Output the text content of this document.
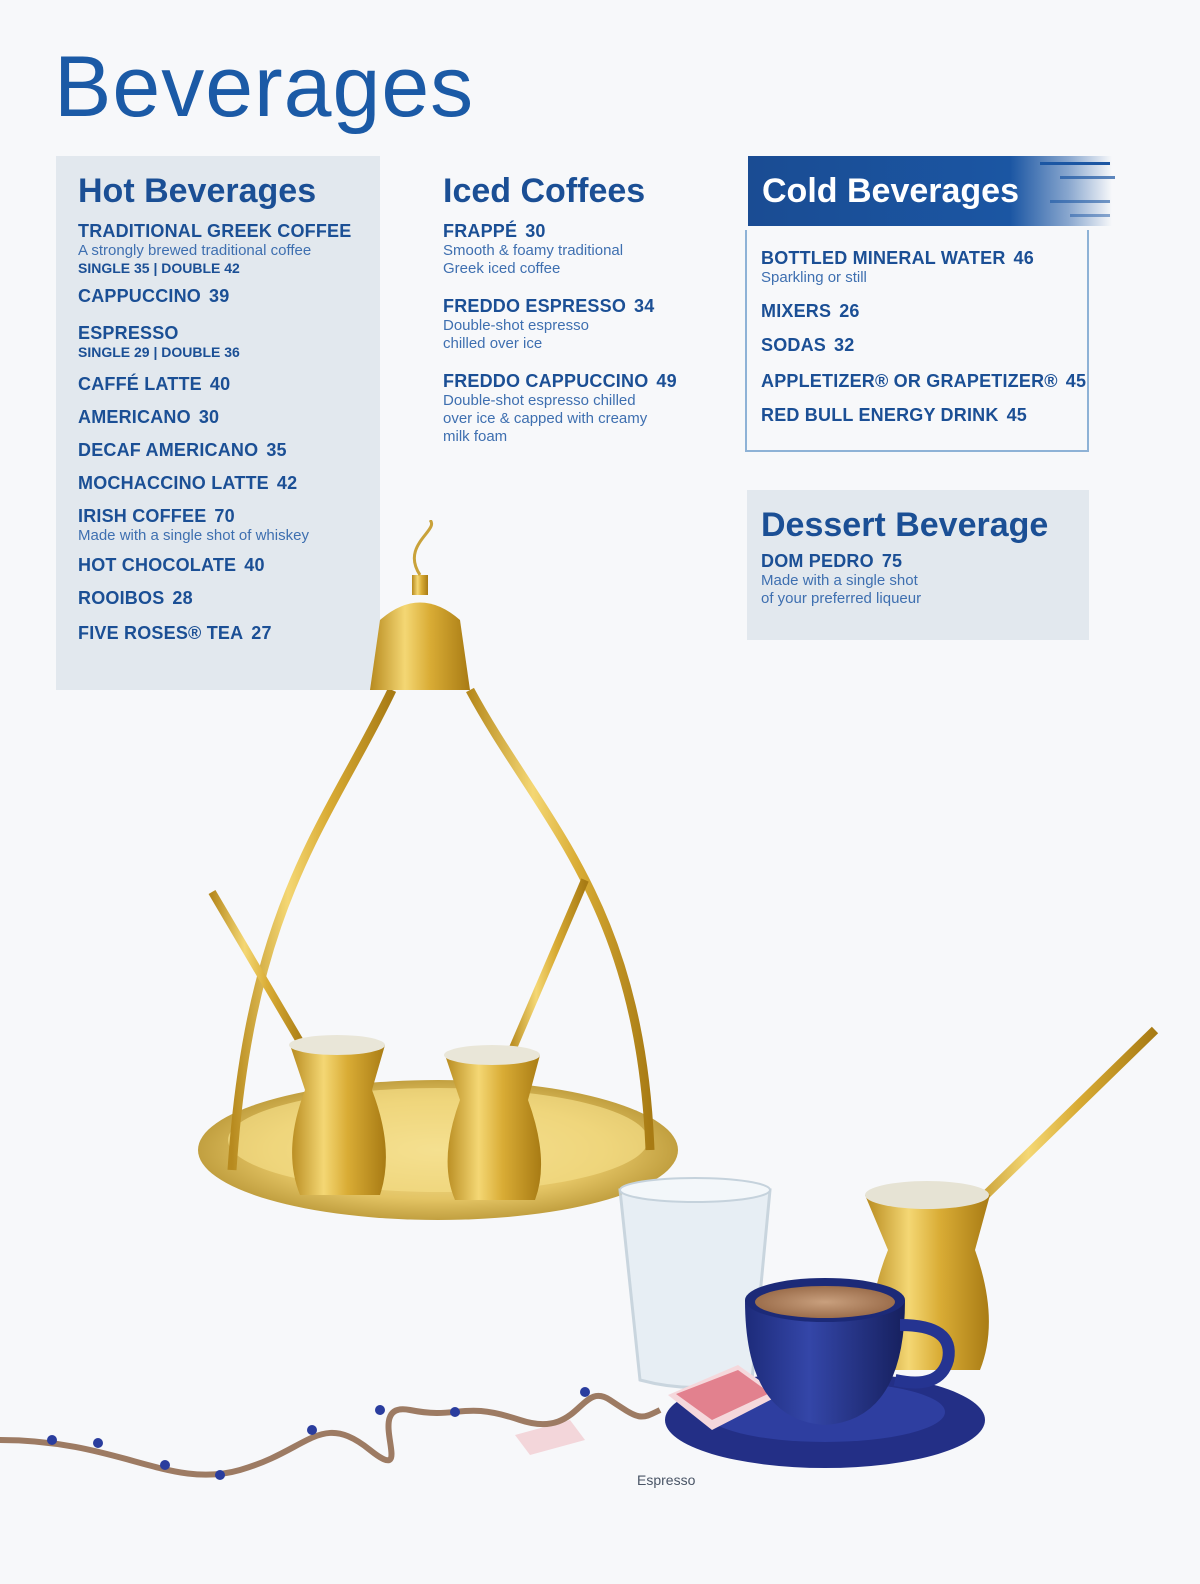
Beverages
Hot Beverages
TRADITIONAL GREEK COFFEE
A strongly brewed traditional coffee
SINGLE 35 | DOUBLE 42
CAPPUCCINO 39
ESPRESSO
SINGLE 29 | DOUBLE 36
CAFFÉ LATTE 40
AMERICANO 30
DECAF AMERICANO 35
MOCHACCINO LATTE 42
IRISH COFFEE 70
Made with a single shot of whiskey
HOT CHOCOLATE 40
ROOIBOS 28
FIVE ROSES® TEA 27
Iced Coffees
FRAPPÉ 30
Smooth & foamy traditional
Greek iced coffee
FREDDO ESPRESSO 34
Double-shot espresso
chilled over ice
FREDDO CAPPUCCINO 49
Double-shot espresso chilled
over ice & capped with creamy
milk foam
Cold Beverages
BOTTLED MINERAL WATER 46
Sparkling or still
MIXERS 26
SODAS 32
APPLETIZER® OR GRAPETIZER® 45
RED BULL ENERGY DRINK 45
Dessert Beverage
DOM PEDRO 75
Made with a single shot
of your preferred liqueur
Espresso
